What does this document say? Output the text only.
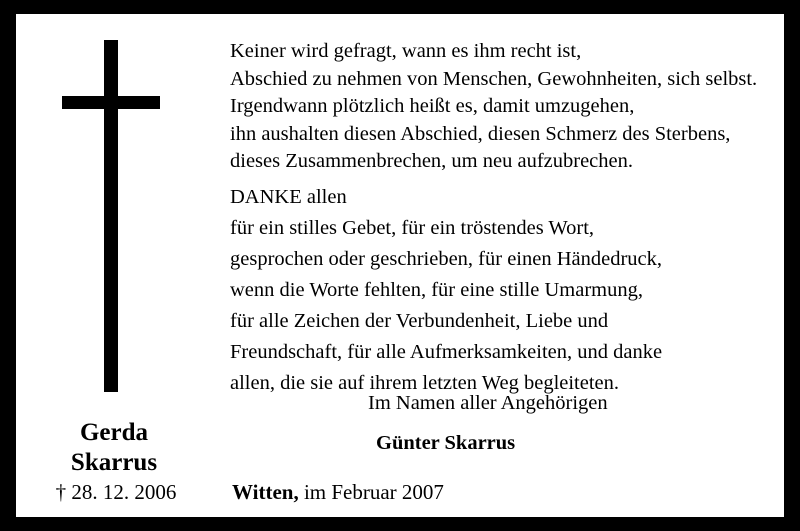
Gerda
Skarrus
† 28. 12. 2006
Keiner wird gefragt, wann es ihm recht ist,
Abschied zu nehmen von Menschen, Gewohnheiten, sich selbst.
Irgendwann plötzlich heißt es, damit umzugehen,
ihn aushalten diesen Abschied, diesen Schmerz des Sterbens,
dieses Zusammenbrechen, um neu aufzubrechen.
DANKE allen
für ein stilles Gebet, für ein tröstendes Wort,
gesprochen oder geschrieben, für einen Händedruck,
wenn die Worte fehlten, für eine stille Umarmung,
für alle Zeichen der Verbundenheit, Liebe und
Freundschaft, für alle Aufmerksamkeiten, und danke
allen, die sie auf ihrem letzten Weg begleiteten.
Im Namen aller Angehörigen
Günter Skarrus
Witten, im Februar 2007
